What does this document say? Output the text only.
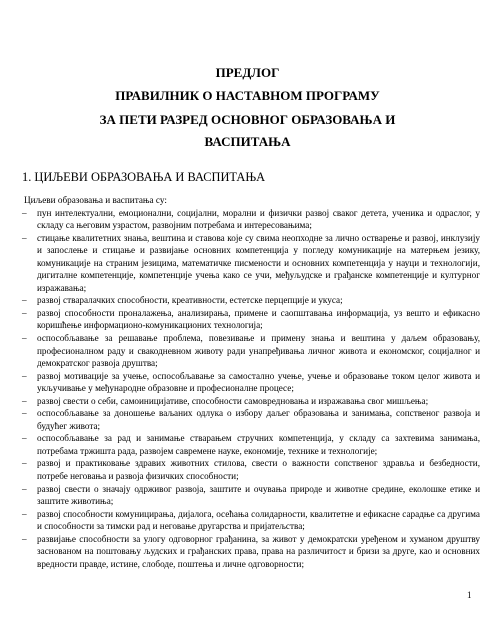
ПРЕДЛОГ

ПРАВИЛНИК О НАСТАВНОМ ПРОГРАМУ

ЗА ПЕТИ РАЗРЕД ОСНОВНОГ ОБРАЗОВАЊА И

ВАСПИТАЊА

1. ЦИЉЕВИ ОБРАЗОВАЊА И ВАСПИТАЊА

Циљеви образовања и васпитања су:

– пун интелектуални, емоционални, социјални, морални и физички развој сваког детета, ученика и одраслог, у складу са његовим узрастом, развојним потребама и интересовањима;
– стицање квалитетних знања, вештина и ставова које су свима неопходне за лично остварење и развој, инклузију и запослење и стицање и развијање основних компетенција у погледу комуникације на матерњем језику, комуникације на страним језицима, математичке писмености и основних компетенција у науци и технологији, дигиталне компетенције, компетенције учења како се учи, међуљудске и грађанске компетенције и културног изражавања;
– развој стваралачких способности, креативности, естетске перцепције и укуса;
– развој способности проналажења, анализирања, примене и саопштавања информација, уз вешто и ефикасно коришћење информационо-комуникационих технологија;
– оспособљавање за решавање проблема, повезивање и примену знања и вештина у даљем образовању, професионалном раду и свакодневном животу ради унапређивања личног живота и економског, социјалног и демократског развоја друштва;
– развој мотивације за учење, оспособљавање за самостално учење, учење и образовање током целог живота и укључивање у међународне образовне и професионалне процесе;
– развој свести о себи, самоиницијативе, способности самовредновања и изражавања свог мишљења;
– оспособљавање за доношење ваљаних одлука о избору даљег образовања и занимања, сопственог развоја и будућег живота;
– оспособљавање за рад и занимање стварањем стручних компетенција, у складу са захтевима занимања, потребама тржишта рада, развојем савремене науке, економије, технике и технологије;
– развој и практиковање здравих животних стилова, свести о важности сопственог здравља и безбедности, потребе неговања и развоја физичких способности;
– развој свести о значају одрживог развоја, заштите и очувања природе и животне средине, еколошке етике и заштите животиња;
– развој способности комуницирања, дијалога, осећања солидарности, квалитетне и ефикасне сарадње са другима и способности за тимски рад и неговање другарства и пријатељства;
– развијање способности за улогу одговорног грађанина, за живот у демократски уређеном и хуманом друштву заснованом на поштовању људских и грађанских права, права на различитост и бризи за друге, као и основних вредности правде, истине, слободе, поштења и личне одговорности;
1
